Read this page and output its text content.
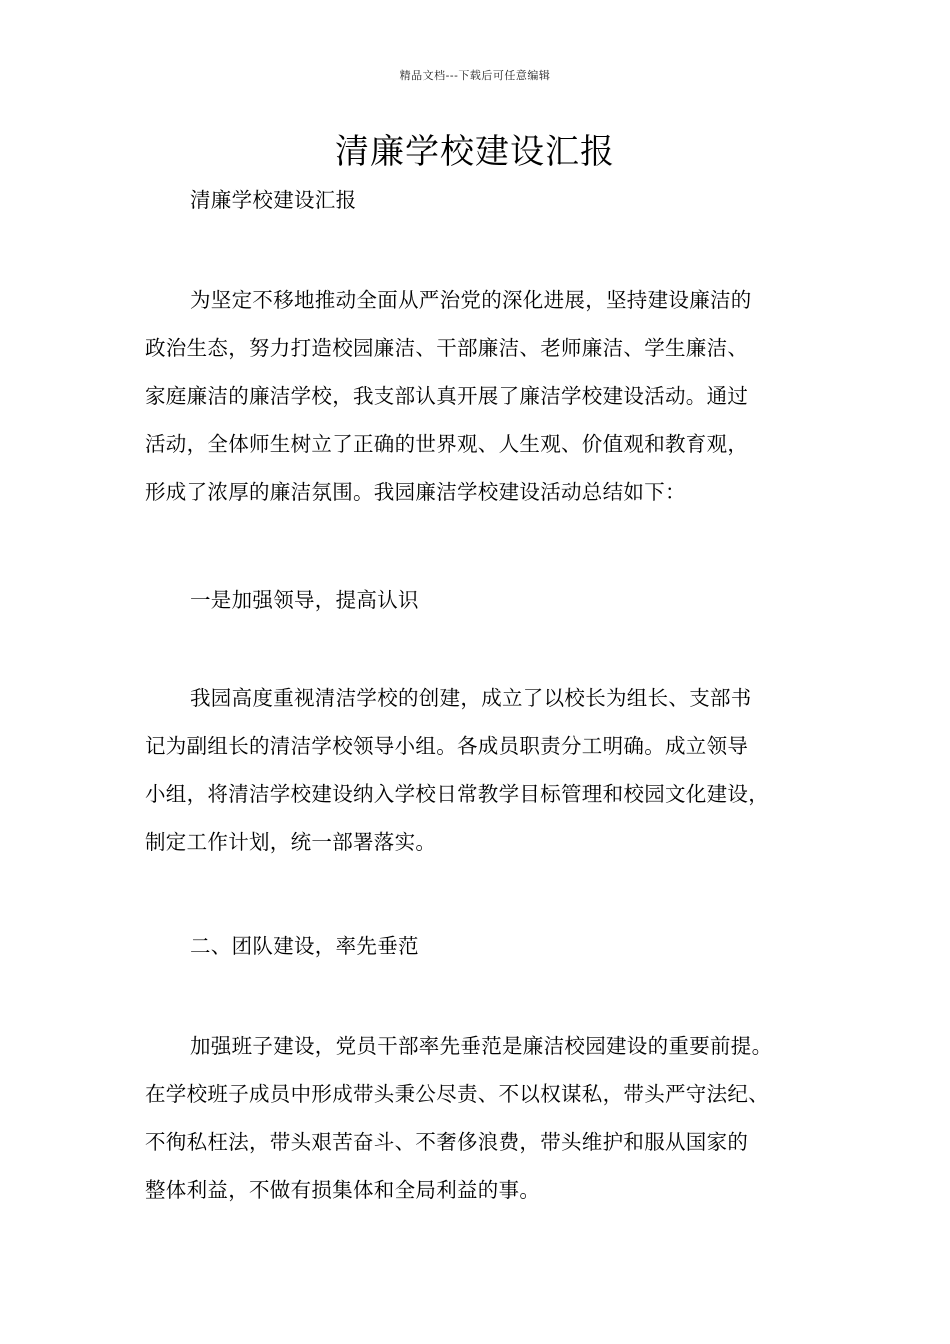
精品文档---下载后可任意编辑
清廉学校建设汇报
清廉学校建设汇报
为坚定不移地推动全面从严治党的深化进展，坚持建设廉洁的
政治生态，努力打造校园廉洁、干部廉洁、老师廉洁、学生廉洁、
家庭廉洁的廉洁学校，我支部认真开展了廉洁学校建设活动。通过
活动，全体师生树立了正确的世界观、人生观、价值观和教育观，
形成了浓厚的廉洁氛围。我园廉洁学校建设活动总结如下：
一是加强领导，提高认识
我园高度重视清洁学校的创建，成立了以校长为组长、支部书
记为副组长的清洁学校领导小组。各成员职责分工明确。成立领导
小组，将清洁学校建设纳入学校日常教学目标管理和校园文化建设，
制定工作计划，统一部署落实。
二、团队建设，率先垂范
加强班子建设，党员干部率先垂范是廉洁校园建设的重要前提。
在学校班子成员中形成带头秉公尽责、不以权谋私，带头严守法纪、
不徇私枉法，带头艰苦奋斗、不奢侈浪费，带头维护和服从国家的
整体利益，不做有损集体和全局利益的事。
